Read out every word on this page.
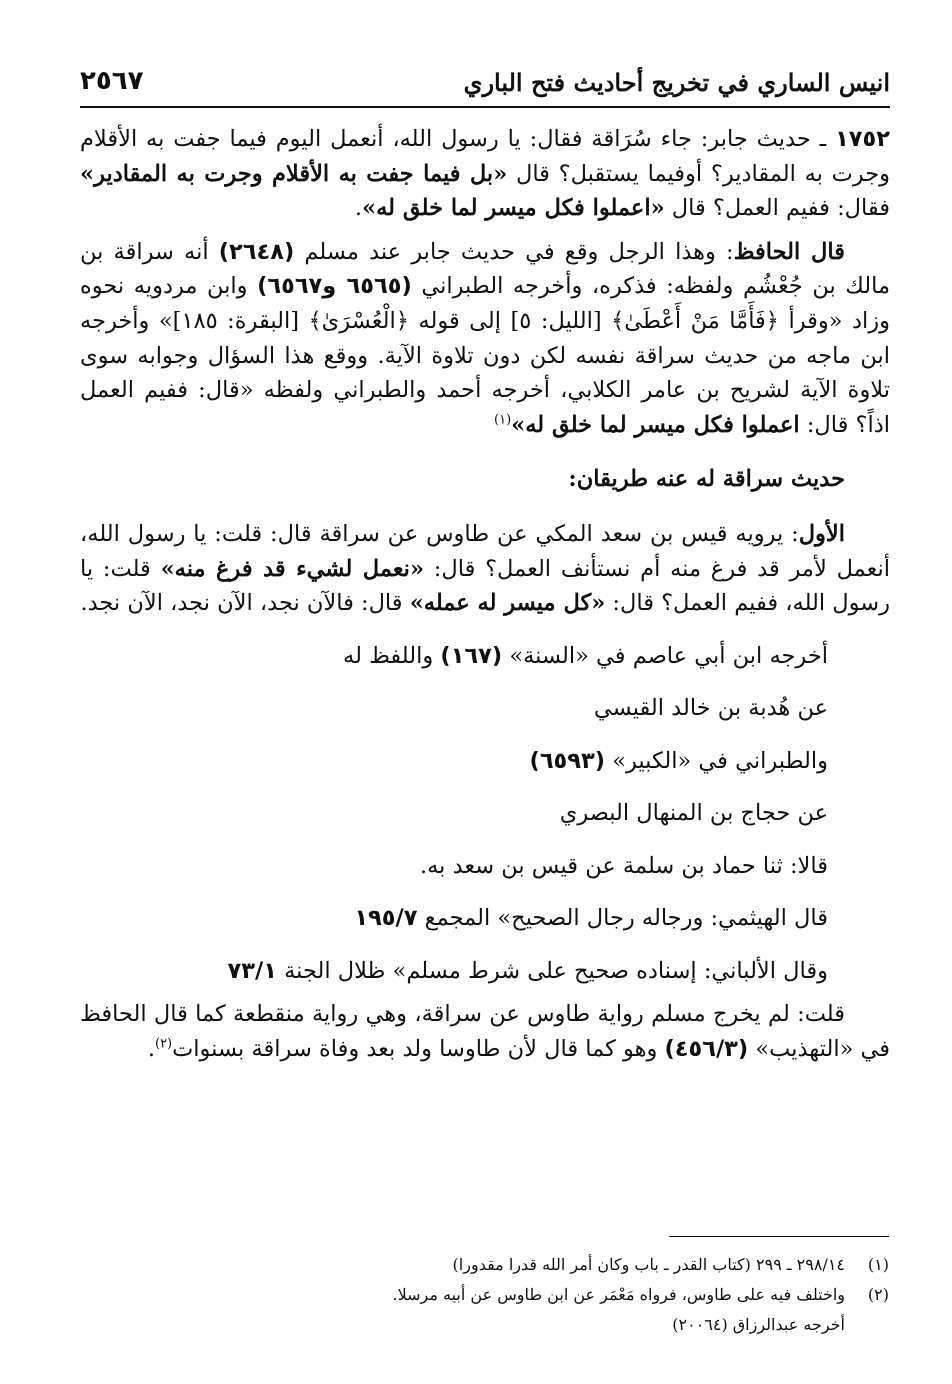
انيس الساري في تخريج أحاديث فتح الباري
٢٥٦٧

١٧٥٢ ـ حديث جابر: جاء سُرَاقة فقال: يا رسول الله، أنعمل اليوم فيما جفت به الأقلام وجرت به المقادير؟ أوفيما يستقبل؟ قال «بل فيما جفت به الأقلام وجرت به المقادير» فقال: ففيم العمل؟ قال «اعملوا فكل ميسر لما خلق له».

  قال الحافظ: وهذا الرجل وقع في حديث جابر عند مسلم (٢٦٤٨) أنه سراقة بن مالك بن جُعْشُم ولفظه: فذكره، وأخرجه الطبراني (٦٥٦٥ و٦٥٦٧) وابن مردويه نحوه وزاد «وقرأ ﴿فَأَمَّا مَنْ أَعْطَىٰ﴾ [الليل: ٥] إلى قوله ﴿الْعُسْرَىٰ﴾ [البقرة: ١٨٥]» وأخرجه ابن ماجه من حديث سراقة نفسه لكن دون تلاوة الآية. ووقع هذا السؤال وجوابه سوى تلاوة الآية لشريح بن عامر الكلابي، أخرجه أحمد والطبراني ولفظه «قال: ففيم العمل اذاً؟ قال: اعملوا فكل ميسر لما خلق له»$^{(١)}$

  حديث سراقة له عنه طريقان:

  الأول: يرويه قيس بن سعد المكي عن طاوس عن سراقة قال: قلت: يا رسول الله، أنعمل لأمر قد فرغ منه أم نستأنف العمل؟ قال: «نعمل لشيء قد فرغ منه» قلت: يا رسول الله، ففيم العمل؟ قال: «كل ميسر له عمله» قال: فالآن نجد، الآن نجد، الآن نجد.

أخرجه ابن أبي عاصم في «السنة» (١٦٧) واللفظ له

عن هُدبة بن خالد القيسي

والطبراني في «الكبير» (٦٥٩٣)

عن حجاج بن المنهال البصري

قالا: ثنا حماد بن سلمة عن قيس بن سعد به.

قال الهيثمي: ورجاله رجال الصحيح» المجمع ١٩٥/٧

وقال الألباني: إسناده صحيح على شرط مسلم» ظلال الجنة ٧٣/١

  قلت: لم يخرج مسلم رواية طاوس عن سراقة، وهي رواية منقطعة كما قال الحافظ في «التهذيب» (٤٥٦/٣) وهو كما قال لأن طاوسا ولد بعد وفاة سراقة بسنوات$^{(٢)}$.

(١)٢٩٨/١٤ ـ ٢٩٩ (كتاب القدر ـ باب وكان أمر الله قدرا مقدورا)

(٢)واختلف فيه على طاوس، فرواه مَعْمَر عن ابن طاوس عن أبيه مرسلا.

أخرجه عبدالرزاق (٢٠٠٦٤)
